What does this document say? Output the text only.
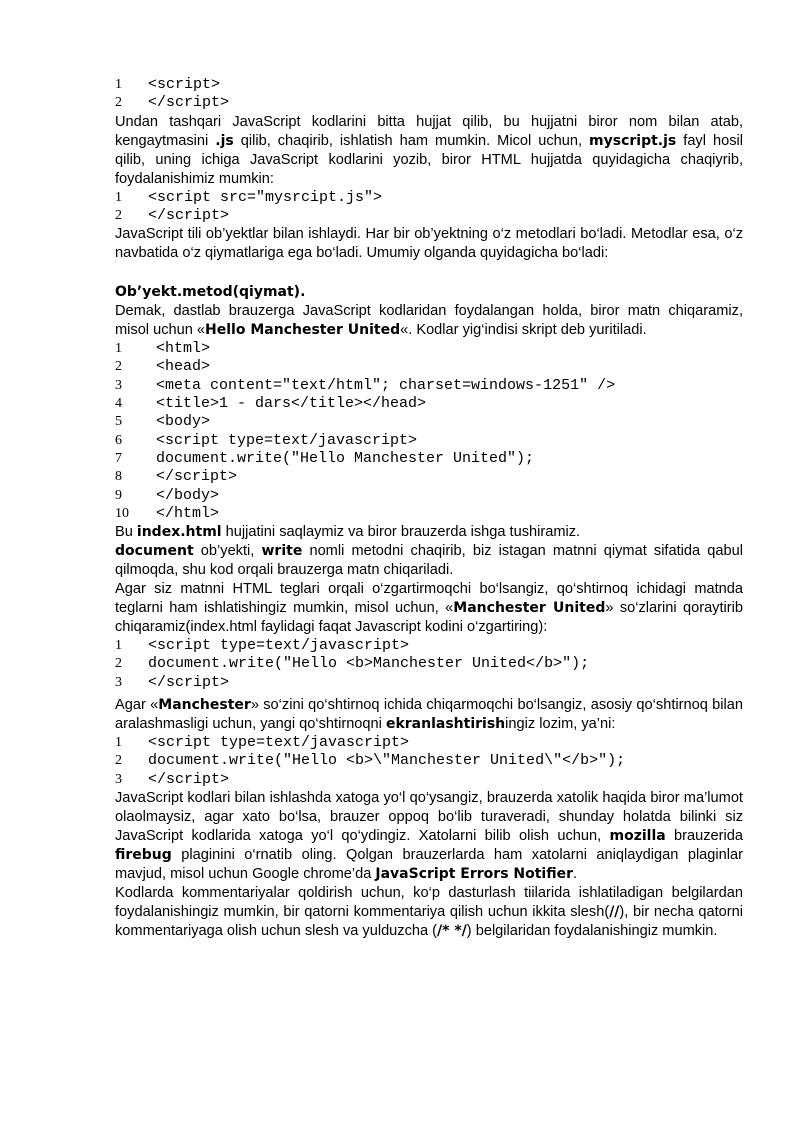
1	<script>
2	</script>

Undan tashqari JavaScript kodlarini bitta hujjat qilib, bu hujjatni biror nom bilan atab, kengaytmasini .js qilib, chaqirib, ishlatish ham mumkin. Micol uchun, myscript.js fayl hosil qilib, uning ichiga JavaScript kodlarini yozib, biror HTML hujjatda quyidagicha chaqiyrib, foydalanishimiz mumkin:

1	<script src="mysrcipt.js">
2	</script>

JavaScript tili ob’yektlar bilan ishlaydi. Har bir ob’yektning o‘z metodlari bo‘ladi. Metodlar esa, o‘z navbatida o‘z qiymatlariga ega bo‘ladi. Umumiy olganda quyidagicha bo‘ladi:

Ob’yekt.metod(qiymat).

Demak, dastlab brauzerga JavaScript kodlaridan foydalangan holda, biror matn chiqaramiz, misol uchun «Hello Manchester United«. Kodlar yig‘indisi skript deb yuritiladi.

1	<html>
2	<head>
3	<meta content="text/html"; charset=windows-1251" />
4	<title>1 - dars</title></head>
5	<body>
6	<script type=text/javascript>
7	document.write("Hello Manchester United");
8	</script>
9	</body>
10	</html>

Bu index.html hujjatini saqlaymiz va biror brauzerda ishga tushiramiz.

document ob’yekti, write nomli metodni chaqirib, biz istagan matnni qiymat sifatida qabul qilmoqda, shu kod orqali brauzerga matn chiqariladi.

Agar siz matnni HTML teglari orqali o‘zgartirmoqchi bo‘lsangiz, qo‘shtirnoq ichidagi matnda teglarni ham ishlatishingiz mumkin, misol uchun, «Manchester United» so‘zlarini qoraytirib chiqaramiz(index.html faylidagi faqat Javascript kodini o‘zgartiring):

1	<script type=text/javascript>
2	document.write("Hello <b>Manchester United</b>");
3	</script>

Agar «Manchester» so‘zini qo‘shtirnoq ichida chiqarmoqchi bo‘lsangiz, asosiy qo‘shtirnoq bilan aralashmasligi uchun, yangi qo‘shtirnoqni ekranlashtirishingiz lozim, ya’ni:

1	<script type=text/javascript>
2	document.write("Hello <b>\"Manchester United\"</b>");
3	</script>

JavaScript kodlari bilan ishlashda xatoga yo‘l qo‘ysangiz, brauzerda xatolik haqida biror ma’lumot olaolmaysiz, agar xato bo‘lsa, brauzer oppoq bo‘lib turaveradi, shunday holatda bilinki siz JavaScript kodlarida xatoga yo‘l qo‘ydingiz. Xatolarni bilib olish uchun, mozilla brauzerida firebug plaginini o‘rnatib oling. Qolgan brauzerlarda ham xatolarni aniqlaydigan plaginlar mavjud, misol uchun Google chrome’da JavaScript Errors Notifier.

Kodlarda kommentariyalar qoldirish uchun, ko‘p dasturlash tiilarida ishlatiladigan belgilardan foydalanishingiz mumkin, bir qatorni kommentariya qilish uchun ikkita slesh(//), bir necha qatorni kommentariyaga olish uchun slesh va yulduzcha (/* */) belgilaridan foydalanishingiz mumkin.
